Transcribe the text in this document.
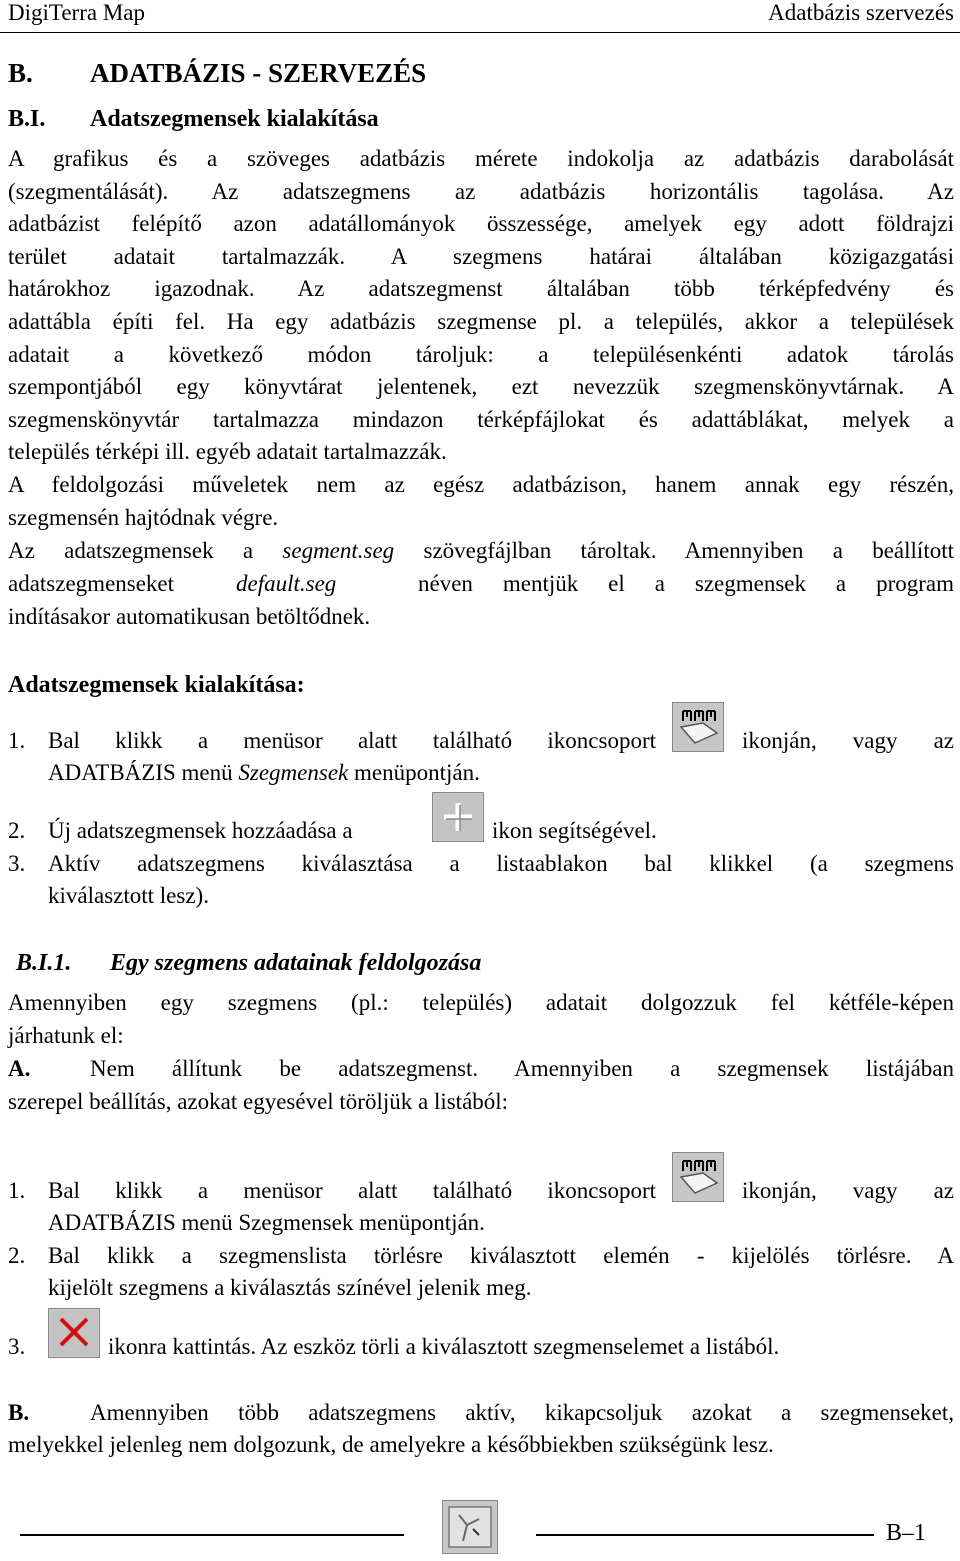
DigiTerra Map	Adatbázis szervezés
B. ADATBÁZIS - SZERVEZÉS
B.I. Adatszegmensek kialakítása
A grafikus és a szöveges adatbázis mérete indokolja az adatbázis darabolását
(szegmentálását). Az adatszegmens az adatbázis horizontális tagolása. Az
adatbázist felépítő azon adatállományok összessége, amelyek egy adott földrajzi
terület adatait tartalmazzák. A szegmens határai általában közigazgatási
határokhoz igazodnak. Az adatszegmenst általában több térképfedvény és
adattábla építi fel. Ha egy adatbázis szegmense pl. a település, akkor a települések
adatait a következő módon tároljuk: a településenkénti adatok tárolás
szempontjából egy könyvtárat jelentenek, ezt nevezzük szegmenskönyvtárnak. A
szegmenskönyvtár tartalmazza mindazon térképfájlokat és adattáblákat, melyek a
település térképi ill. egyéb adatait tartalmazzák.
A feldolgozási műveletek nem az egész adatbázison, hanem annak egy részén,
szegmensén hajtódnak végre.
Az adatszegmensek a segment.seg szövegfájlban tároltak. Amennyiben a beállított
adatszegmenseket	default.seg	néven mentjük el a szegmensek a program
indításakor automatikusan betöltődnek.
Adatszegmensek kialakítása:
1. Bal klikk a menüsor alatt található ikoncsoport	ikonján, vagy az
ADATBÁZIS menü Szegmensek menüpontján.
2. Új adatszegmensek hozzáadása a	ikon segítségével.
3. Aktív adatszegmens kiválasztása a listaablakon bal klikkel (a szegmens
kiválasztott lesz).
B.I.1. Egy szegmens adatainak feldolgozása
Amennyiben egy szegmens (pl.: település) adatait dolgozzuk fel kétféle-képen
járhatunk el:
A.	Nem állítunk be adatszegmenst. Amennyiben a szegmensek listájában
szerepel beállítás, azokat egyesével töröljük a listából:
1. Bal klikk a menüsor alatt található ikoncsoport	ikonján, vagy az
ADATBÁZIS menü Szegmensek menüpontján.
2. Bal klikk a szegmenslista törlésre kiválasztott elemén - kijelölés törlésre. A
kijelölt szegmens a kiválasztás színével jelenik meg.
3.	ikonra kattintás. Az eszköz törli a kiválasztott szegmenselemet a listából.
B.	Amennyiben több adatszegmens aktív, kikapcsoljuk azokat a szegmenseket,
melyekkel jelenleg nem dolgozunk, de amelyekre a későbbiekben szükségünk lesz.
B–1
